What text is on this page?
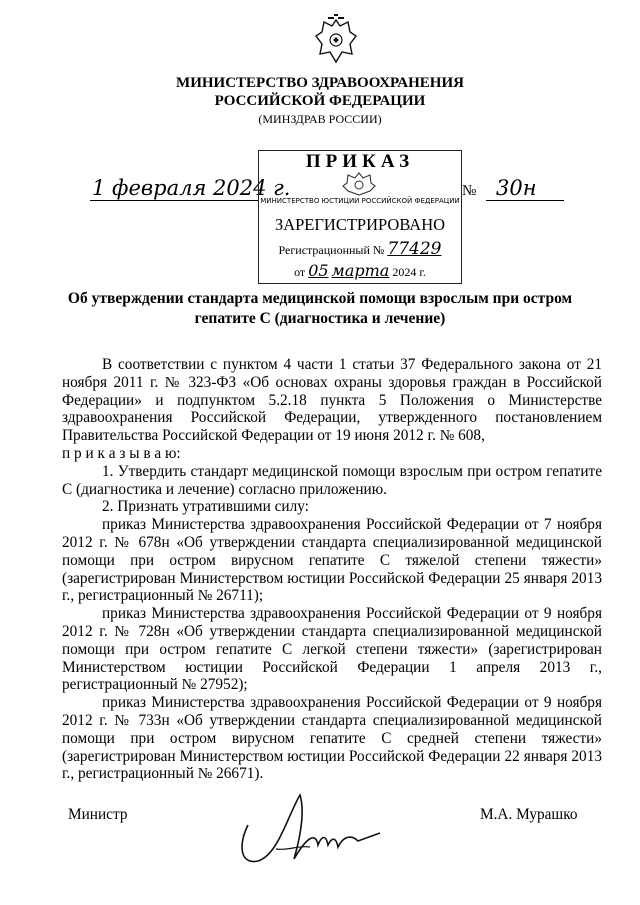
МИНИСТЕРСТВО ЗДРАВООХРАНЕНИЯ
РОССИЙСКОЙ ФЕДЕРАЦИИ
(МИНЗДРАВ РОССИИ)
1 февраля 2024 г.	№ 30н
ПРИКАЗ
МИНИСТЕРСТВО ЮСТИЦИИ РОССИЙСКОЙ ФЕДЕРАЦИИ
ЗАРЕГИСТРИРОВАНО
Регистрационный № 77429
от 05 марта 2024 г.
Об утверждении стандарта медицинской помощи взрослым при остром гепатите С (диагностика и лечение)

В соответствии с пунктом 4 части 1 статьи 37 Федерального закона от 21 ноября 2011 г. № 323-ФЗ «Об основах охраны здоровья граждан в Российской Федерации» и подпунктом 5.2.18 пункта 5 Положения о Министерстве здравоохранения Российской Федерации, утвержденного постановлением Правительства Российской Федерации от 19 июня 2012 г. № 608,

п р и к а з ы в а ю:

1. Утвердить стандарт медицинской помощи взрослым при остром гепатите С (диагностика и лечение) согласно приложению.

2. Признать утратившими силу:

приказ Министерства здравоохранения Российской Федерации от 7 ноября 2012 г. № 678н «Об утверждении стандарта специализированной медицинской помощи при остром вирусном гепатите С тяжелой степени тяжести» (зарегистрирован Министерством юстиции Российской Федерации 25 января 2013 г., регистрационный № 26711);

приказ Министерства здравоохранения Российской Федерации от 9 ноября 2012 г. № 728н «Об утверждении стандарта специализированной медицинской помощи при остром гепатите С легкой степени тяжести» (зарегистрирован Министерством юстиции Российской Федерации 1 апреля 2013 г., регистрационный № 27952);

приказ Министерства здравоохранения Российской Федерации от 9 ноября 2012 г. № 733н «Об утверждении стандарта специализированной медицинской помощи при остром вирусном гепатите С средней степени тяжести» (зарегистрирован Министерством юстиции Российской Федерации 22 января 2013 г., регистрационный № 26671).

Министр	М.А. Мурашко
